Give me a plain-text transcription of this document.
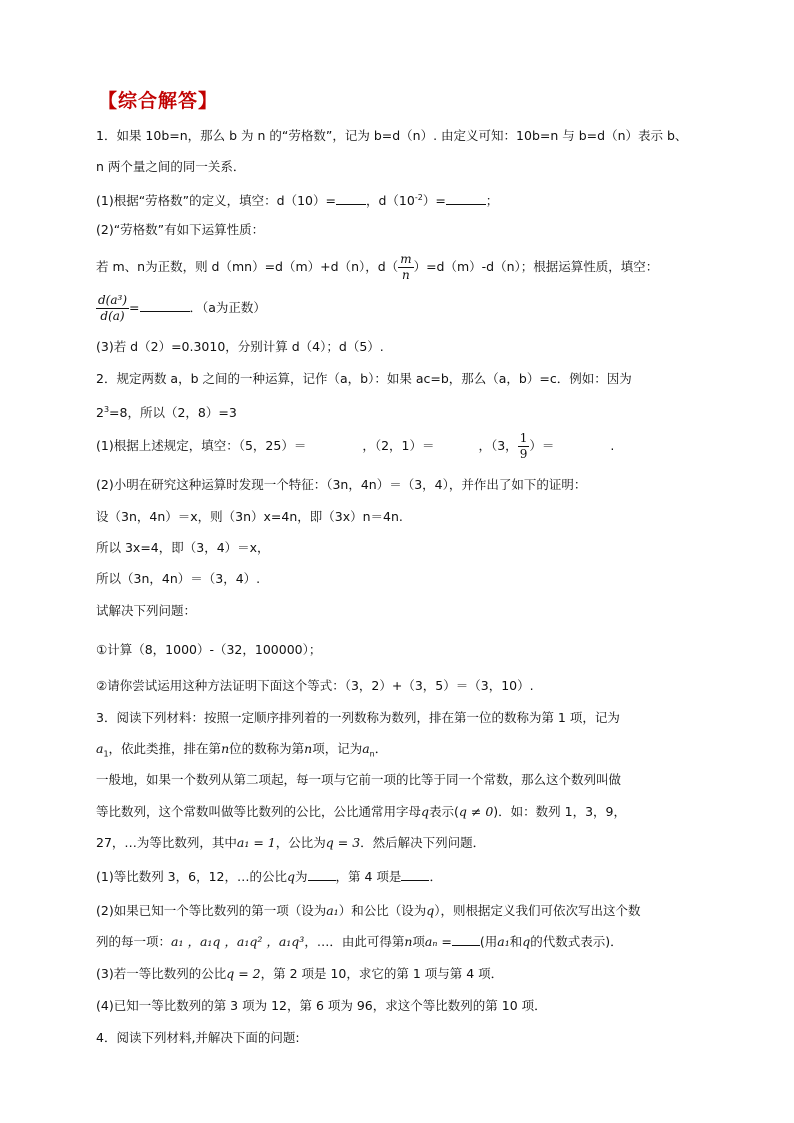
【综合解答】
1．如果 10b=n，那么 b 为 n 的“劳格数”，记为 b=d（n）. 由定义可知：10b=n 与 b=d（n）表示 b、
n 两个量之间的同一关系．
(1)根据“劳格数”的定义，填空：d（10）= ，$d(10^{-2})=$	；
(2)“劳格数”有如下运算性质：
若 m、n为正数，则 d（mn）=d（m）+d（n），$d( \frac{m}{n} )=d(m)-d(n)$；根据运算性质，填空：
$\frac{\text{d(a³)}}{d(a)}$ =	．（a为正数）
(3)若 d（2）=0.3010，分别计算 d（4）；d（5）.
2．规定两数 a，b 之间的一种运算，记作（a，b）：如果 ac=b，那么（a，b）=c．例如：因为
$2^3=8$，所以（2，8）=3
(1)根据上述规定，填空：（5，25）＝	，（2，1）＝	，（3， $\frac{1}{9}$ ）＝	.
(2)小明在研究这种运算时发现一个特征：（3n，4n）＝（3，4），并作出了如下的证明：
设（3n，4n）＝x，则（3n）x=4n，即（3x）n＝4n.
所以 3x=4，即（3，4）＝x，
所以（3n，4n）＝（3，4）.
试解决下列问题：
①计算（8，1000）-（32，100000）；
②请你尝试运用这种方法证明下面这个等式：（3，2）+（3，5）＝（3，10）.
3．阅读下列材料：按照一定顺序排列着的一列数称为数列，排在第一位的数称为第 1 项，记为
$a_1$，依此类推，排在第n位的数称为第n项，记为$a_n$．
一般地，如果一个数列从第二项起，每一项与它前一项的比等于同一个常数，那么这个数列叫做
等比数列，这个常数叫做等比数列的公比，公比通常用字母q表示(q ≠ 0)．如：数列 1，3，9，
27，…为等比数列，其中a₁ = 1，公比为q = 3．然后解决下列问题．
(1)等比数列 3，6，12，…的公比q为 ，第 4 项是 ．
(2)如果已知一个等比数列的第一项（设为a₁）和公比（设为q），则根据定义我们可依次写出这个数
列的每一项：a₁ ，a₁q ，a₁q² ，a₁q³，…．由此可得第n项aₙ = (用a₁和q的代数式表示)．
(3)若一等比数列的公比q = 2，第 2 项是 10，求它的第 1 项与第 4 项．
(4)已知一等比数列的第 3 项为 12，第 6 项为 96，求这个等比数列的第 10 项．
4．阅读下列材料,并解决下面的问题:
